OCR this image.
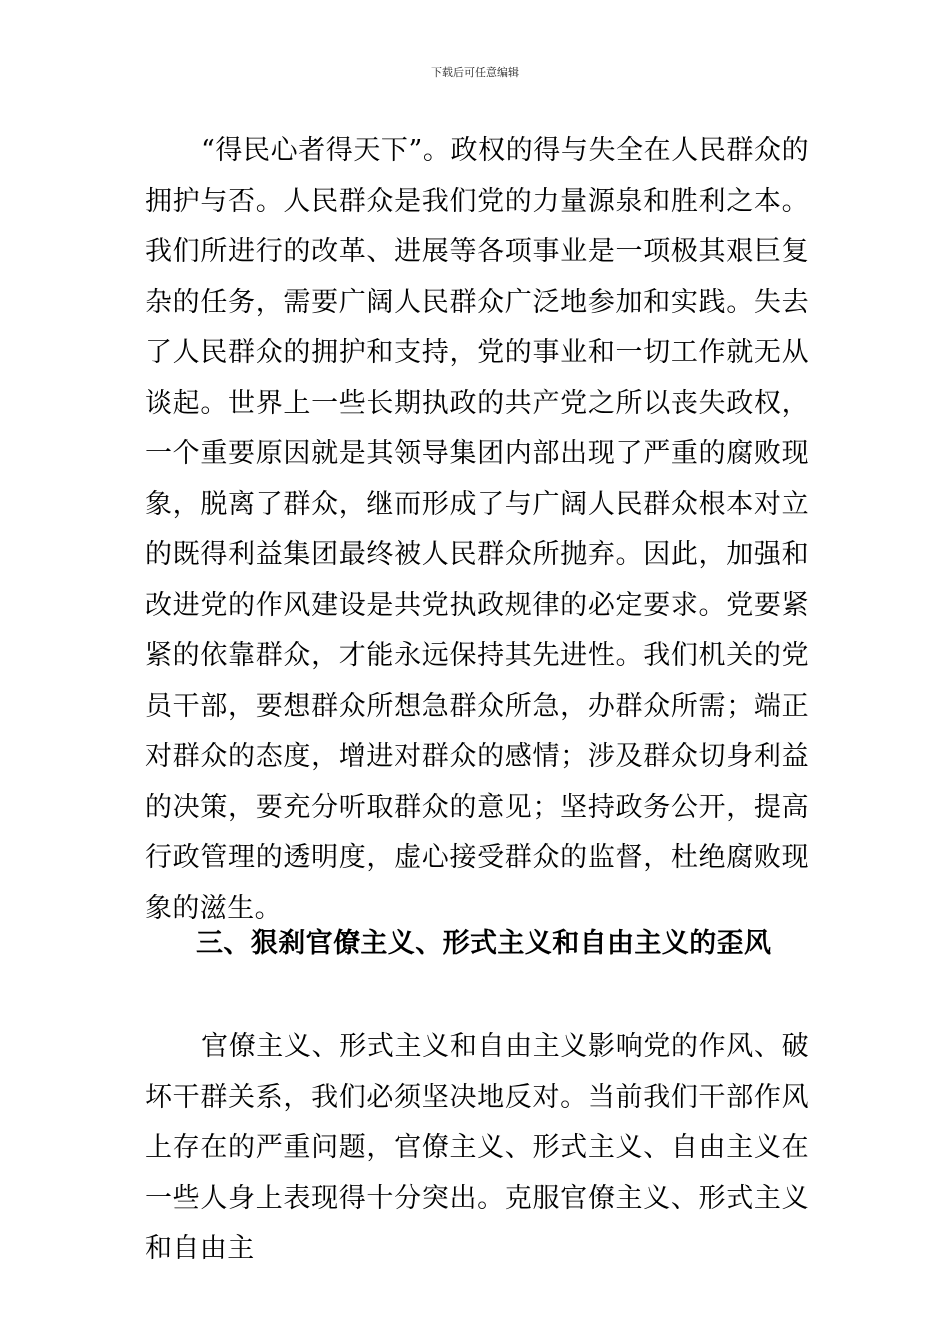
下载后可任意编辑

“得民心者得天下”。政权的得与失全在人民群众的拥护与否。人民群众是我们党的力量源泉和胜利之本。我们所进行的改革、进展等各项事业是一项极其艰巨复杂的任务，需要广阔人民群众广泛地参加和实践。失去了人民群众的拥护和支持，党的事业和一切工作就无从谈起。世界上一些长期执政的共产党之所以丧失政权，一个重要原因就是其领导集团内部出现了严重的腐败现象，脱离了群众，继而形成了与广阔人民群众根本对立的既得利益集团最终被人民群众所抛弃。因此，加强和改进党的作风建设是共党执政规律的必定要求。党要紧紧的依靠群众，才能永远保持其先进性。我们机关的党员干部，要想群众所想急群众所急，办群众所需；端正对群众的态度，增进对群众的感情；涉及群众切身利益的决策，要充分听取群众的意见；坚持政务公开，提高行政管理的透明度，虚心接受群众的监督，杜绝腐败现象的滋生。

三、狠刹官僚主义、形式主义和自由主义的歪风

官僚主义、形式主义和自由主义影响党的作风、破坏干群关系，我们必须坚决地反对。当前我们干部作风上存在的严重问题，官僚主义、形式主义、自由主义在一些人身上表现得十分突出。克服官僚主义、形式主义和自由主
